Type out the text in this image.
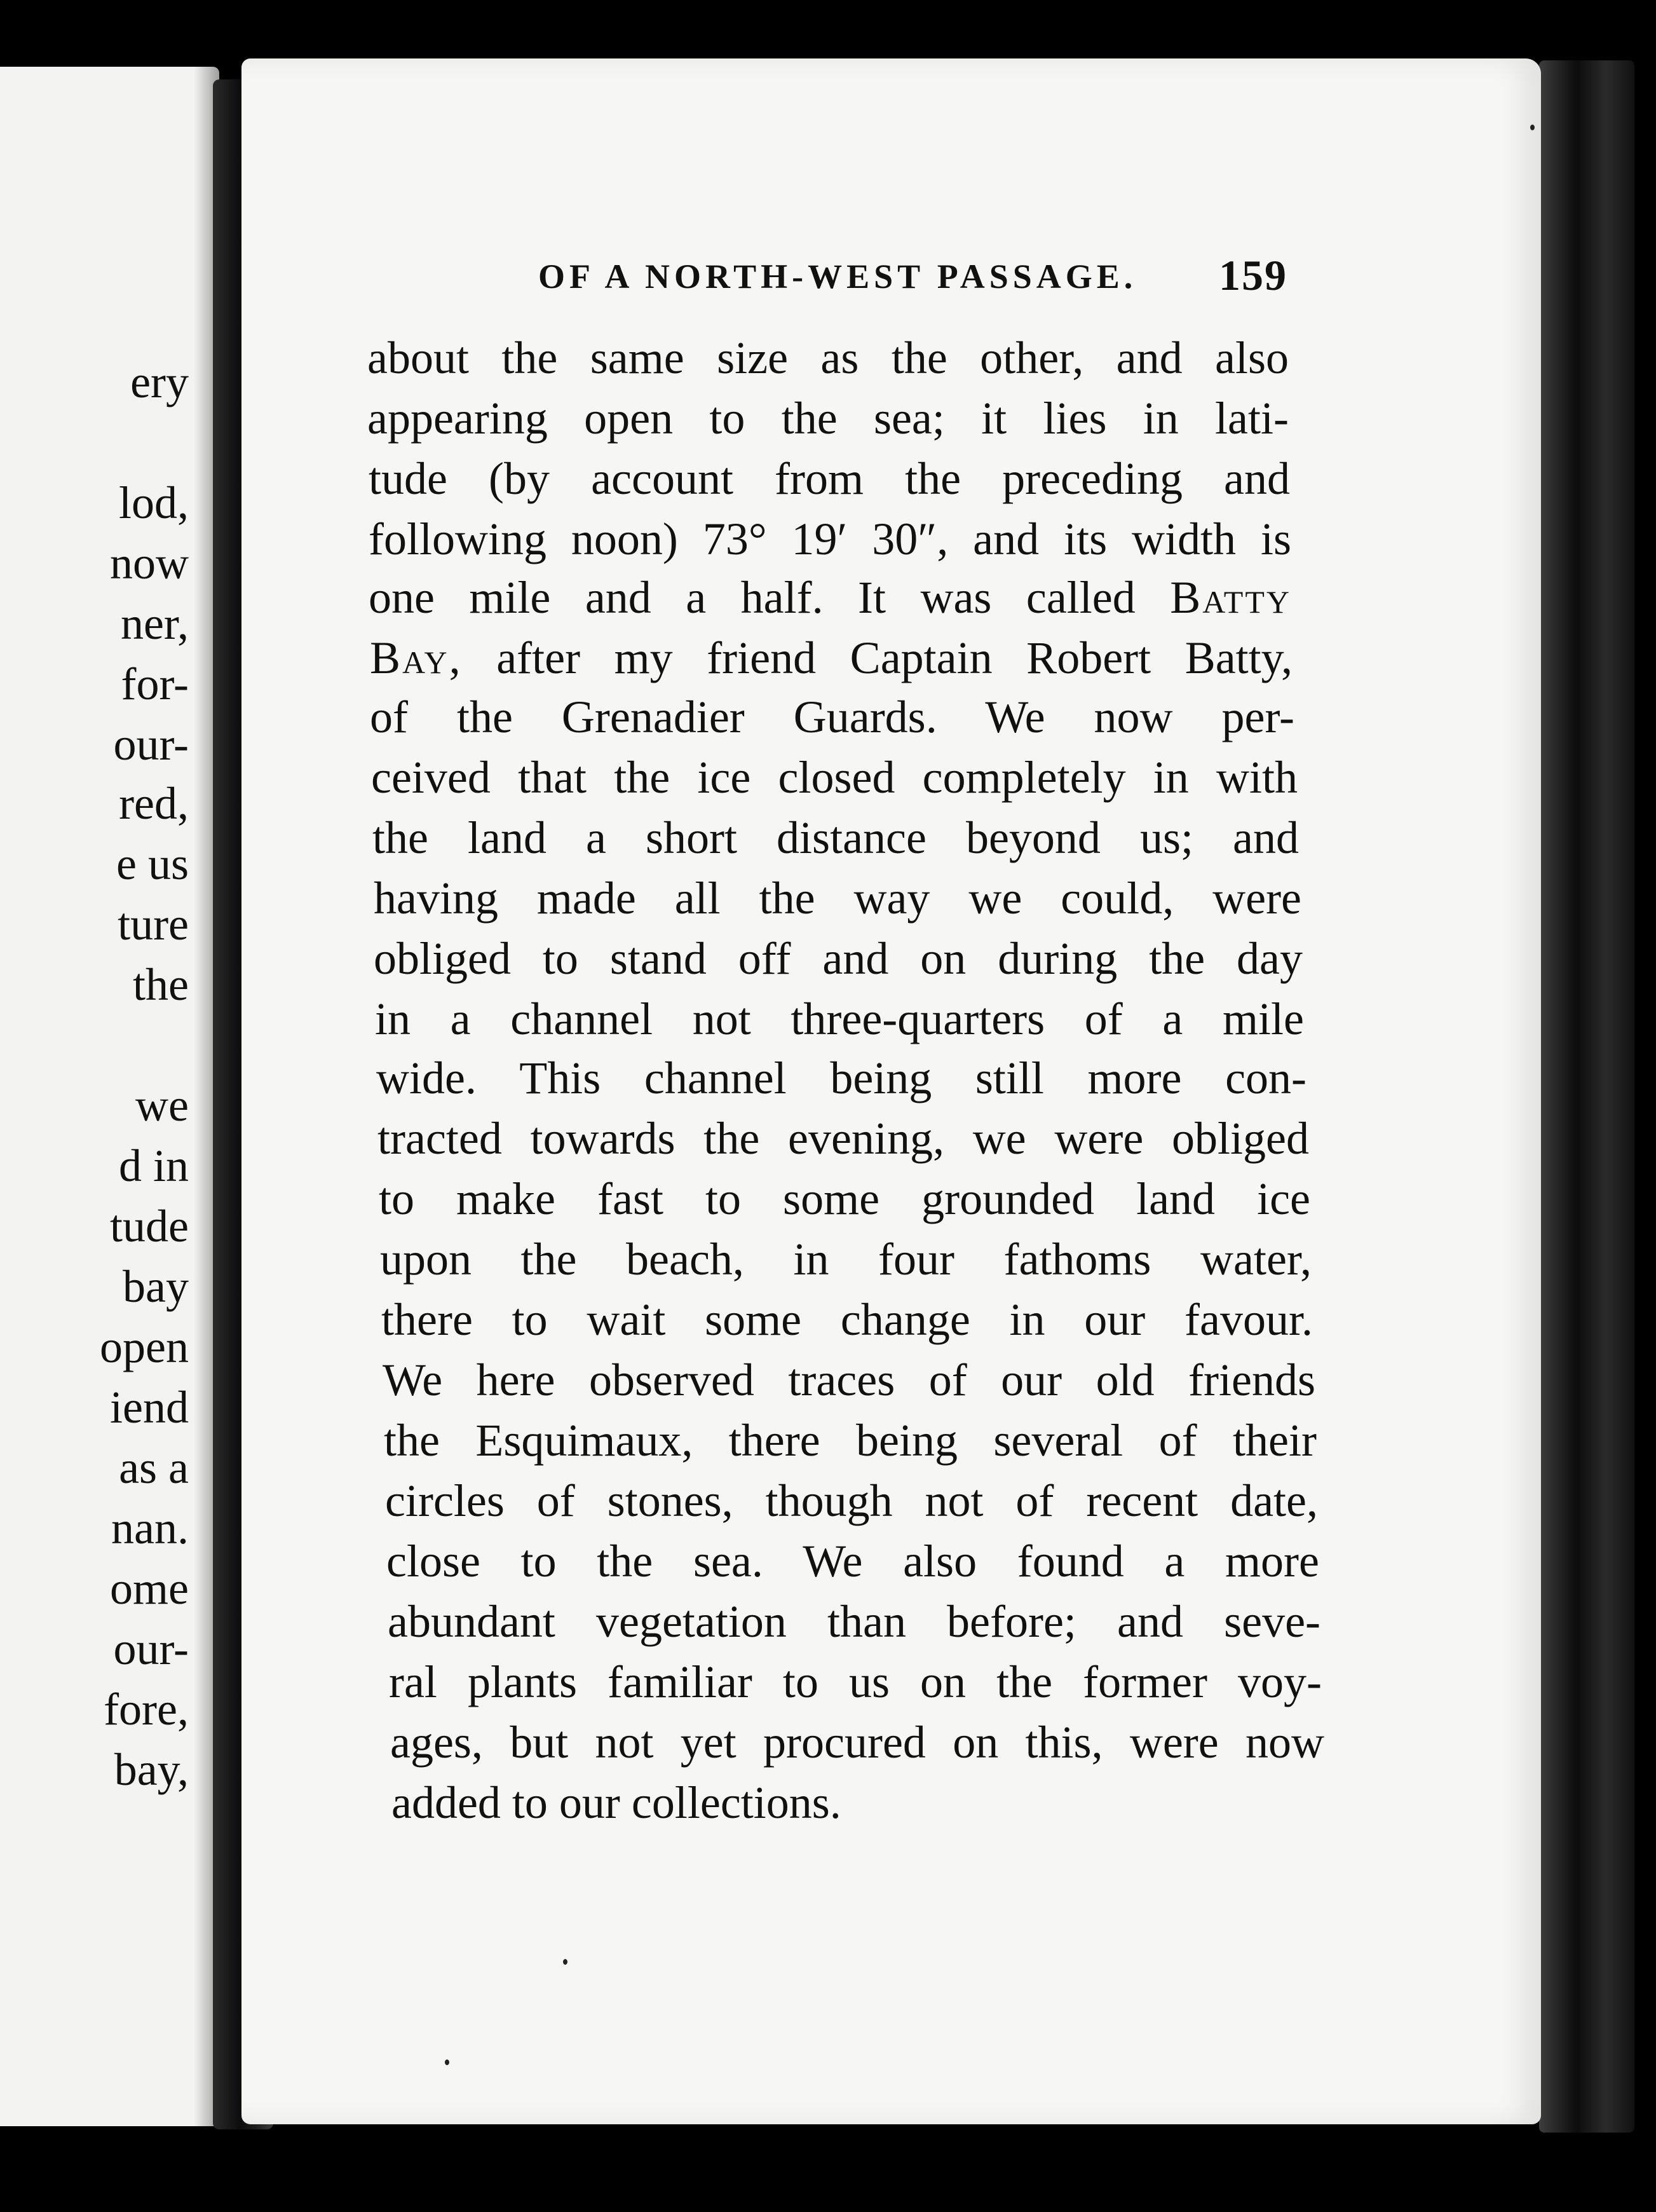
ery
lod,
now
ner,
for-
our-
red,
e us
ture
the
we
d in
tude
bay
open
iend
as a
nan.
ome
our-
fore,
bay,
OF A NORTH-WEST PASSAGE. 159
about the same size as the other, and also
appearing open to the sea; it lies in lati-
tude (by account from the preceding and
following noon) 73° 19′ 30″, and its width is
one mile and a half. It was called Batty
Bay, after my friend Captain Robert Batty,
of the Grenadier Guards. We now per-
ceived that the ice closed completely in with
the land a short distance beyond us; and
having made all the way we could, were
obliged to stand off and on during the day
in a channel not three-quarters of a mile
wide. This channel being still more con-
tracted towards the evening, we were obliged
to make fast to some grounded land ice
upon the beach, in four fathoms water,
there to wait some change in our favour.
We here observed traces of our old friends
the Esquimaux, there being several of their
circles of stones, though not of recent date,
close to the sea. We also found a more
abundant vegetation than before; and seve-
ral plants familiar to us on the former voy-
ages, but not yet procured on this, were now
added to our collections.
